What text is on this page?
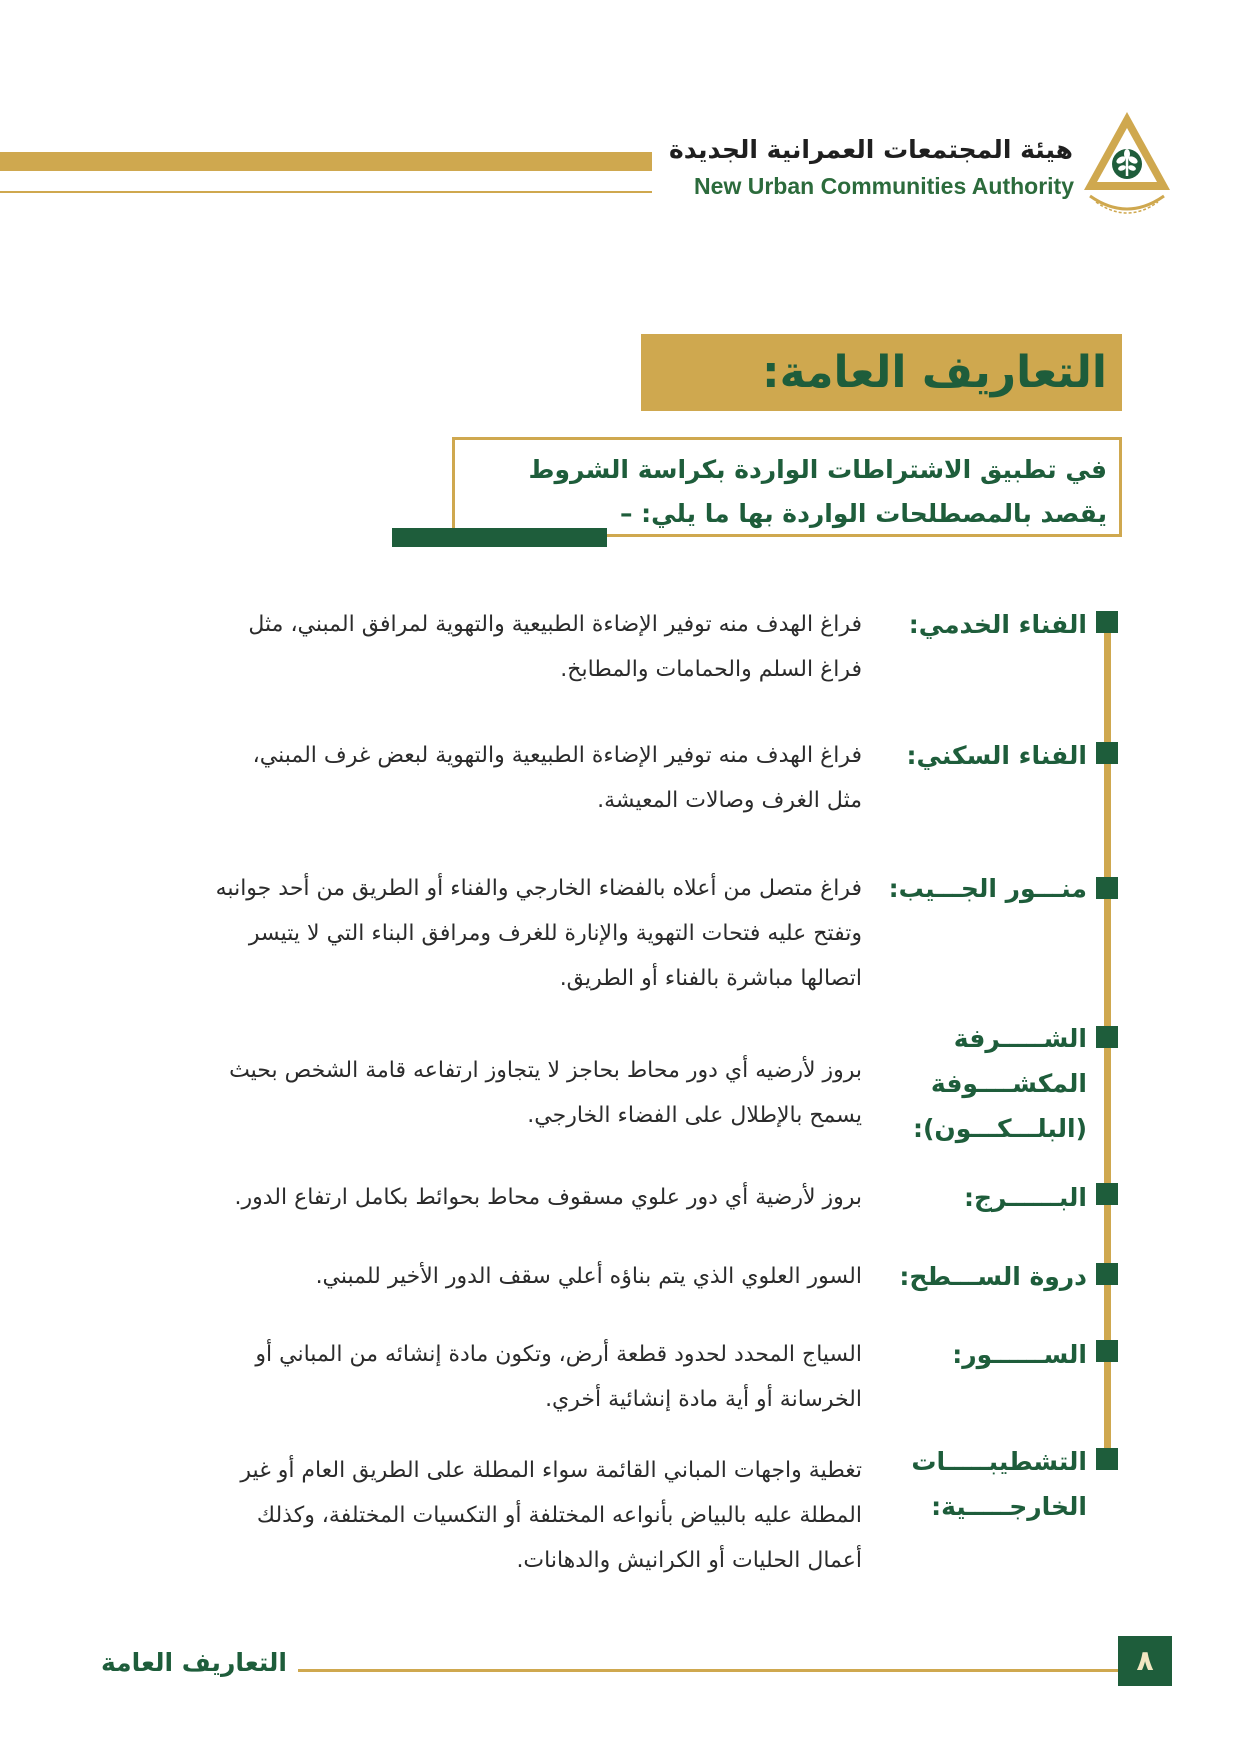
هيئة المجتمعات العمرانية الجديدة
New Urban Communities Authority
التعاريف العامة:
في تطبيق الاشتراطات الواردة بكراسة الشروط
يقصد بالمصطلحات الواردة بها ما يلي: –
الفناء الخدمي:
فراغ الهدف منه توفير الإضاءة الطبيعية والتهوية لمرافق المبني، مثل
فراغ السلم والحمامات والمطابخ.
الفناء السكني:
فراغ الهدف منه توفير الإضاءة الطبيعية والتهوية لبعض غرف المبني،
مثل الغرف وصالات المعيشة.
منـــور الجـــيب:
فراغ متصل من أعلاه بالفضاء الخارجي والفناء أو الطريق من أحد جوانبه
وتفتح عليه فتحات التهوية والإنارة للغرف ومرافق البناء التي لا يتيسر
اتصالها مباشرة بالفناء أو الطريق.
الشـــــرفة
المكشــــوفة
(البلـــكـــون):
بروز لأرضيه أي دور محاط بحاجز لا يتجاوز ارتفاعه قامة الشخص بحيث
يسمح بالإطلال على الفضاء الخارجي.
البــــــرج:
بروز لأرضية أي دور علوي مسقوف محاط بحوائط بكامل ارتفاع الدور.
دروة الســـطح:
السور العلوي الذي يتم بناؤه أعلي سقف الدور الأخير للمبني.
الســــــور:
السياج المحدد لحدود قطعة أرض، وتكون مادة إنشائه من المباني أو
الخرسانة أو أية مادة إنشائية أخري.
التشطيبـــــات
الخارجـــــية:
تغطية واجهات المباني القائمة سواء المطلة على الطريق العام أو غير
المطلة عليه بالبياض بأنواعه المختلفة أو التكسيات المختلفة، وكذلك
أعمال الحليات أو الكرانيش والدهانات.
التعاريف العامة	٨
